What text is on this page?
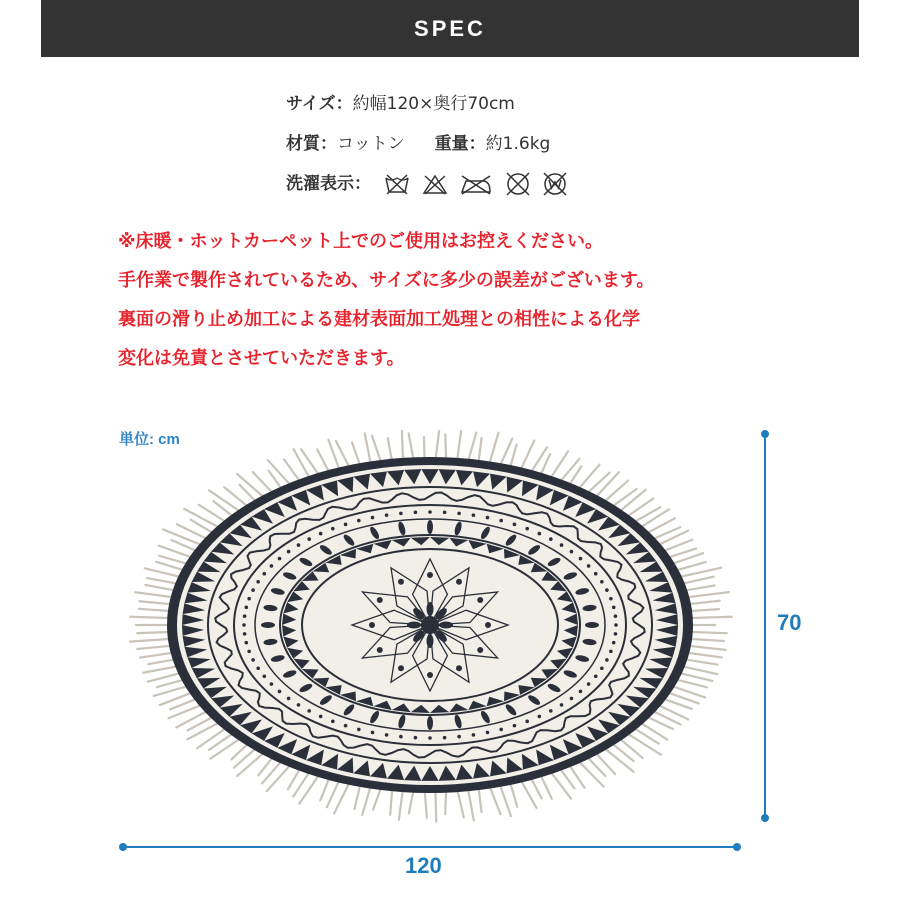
SPEC
サイズ：約幅120×奥行70cm
材質：コットン 重量：約1.6kg
洗濯表示：
※床暖・ホットカーペット上でのご使用はお控えください。
手作業で製作されているため、サイズに多少の誤差がございます。
裏面の滑り止め加工による建材表面加工処理との相性による化学
変化は免責とさせていただきます。
単位: cm
70
120
